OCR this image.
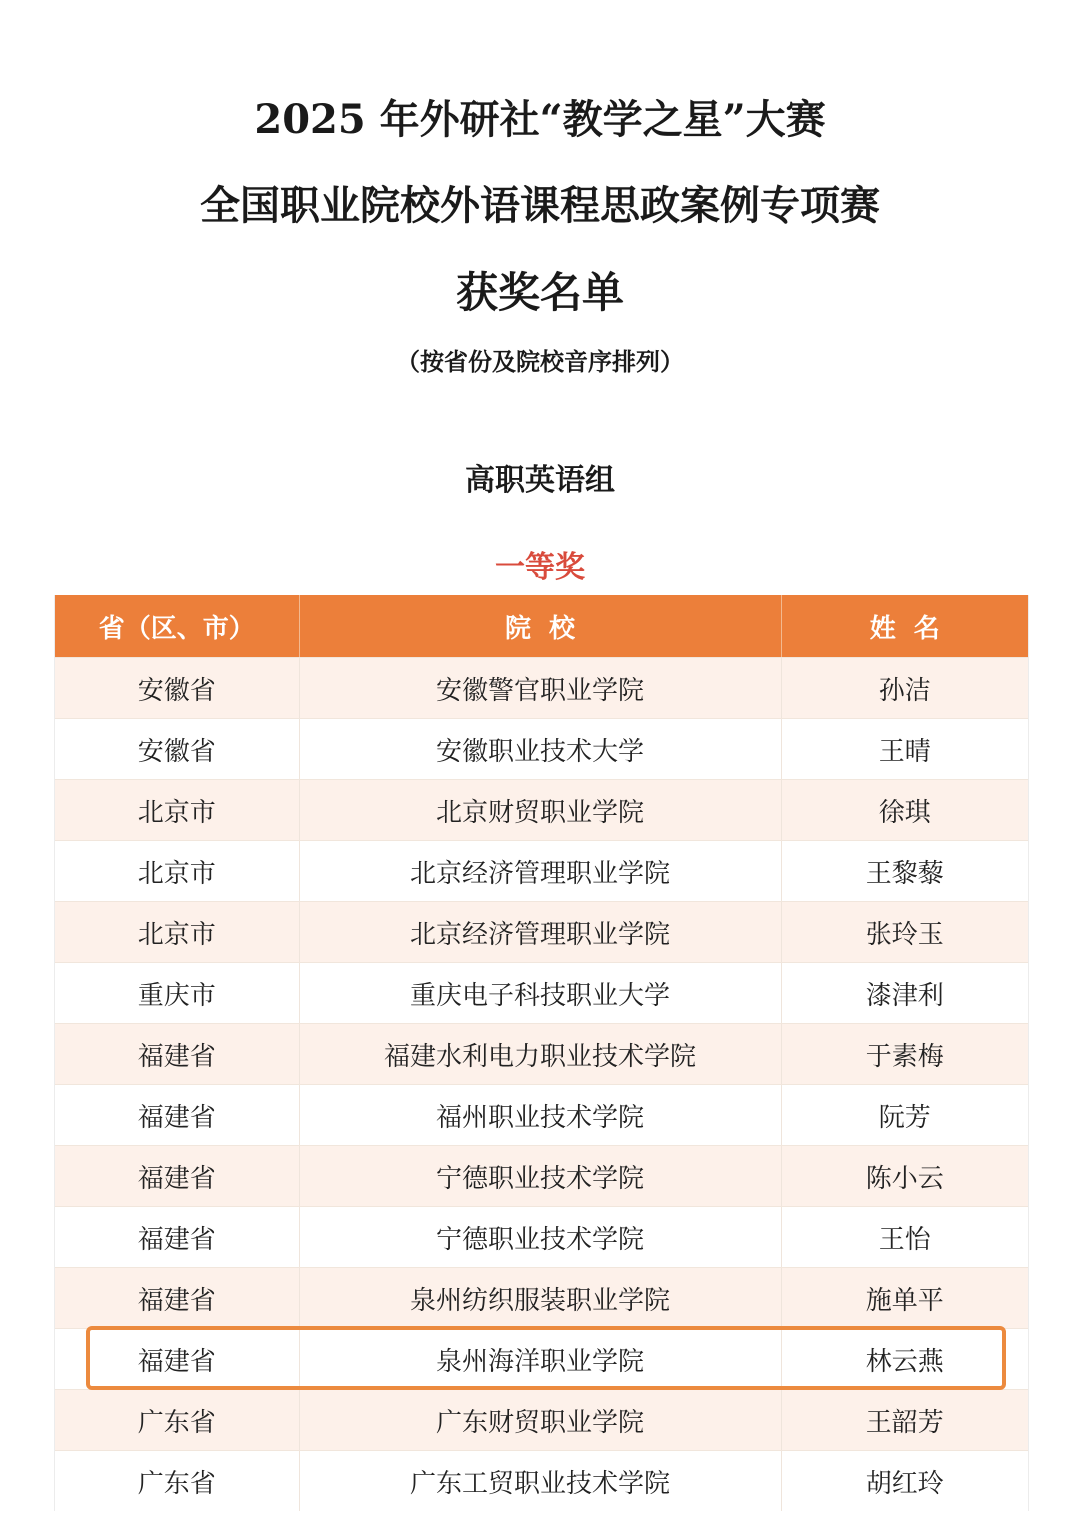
2025 年外研社“教学之星”大赛
全国职业院校外语课程思政案例专项赛
获奖名单
（按省份及院校音序排列）
高职英语组
一等奖
省（区、市）	院  校	姓  名
安徽省	安徽警官职业学院	孙洁
安徽省	安徽职业技术大学	王晴
北京市	北京财贸职业学院	徐琪
北京市	北京经济管理职业学院	王黎藜
北京市	北京经济管理职业学院	张玲玉
重庆市	重庆电子科技职业大学	漆津利
福建省	福建水利电力职业技术学院	于素梅
福建省	福州职业技术学院	阮芳
福建省	宁德职业技术学院	陈小云
福建省	宁德职业技术学院	王怡
福建省	泉州纺织服装职业学院	施单平
福建省	泉州海洋职业学院	林云燕
广东省	广东财贸职业学院	王韶芳
广东省	广东工贸职业技术学院	胡红玲
